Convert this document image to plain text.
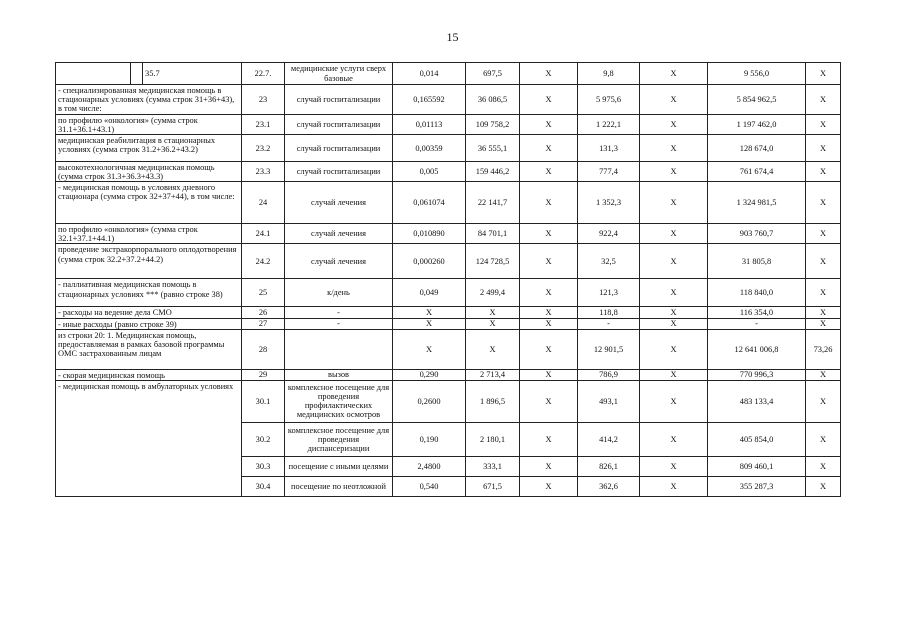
15
		35.7	22.7.	медицинские услуги сверх базовые	0,014	697,5	Х	9,8	Х	9 556,0	Х
- специализированная медицинская помощь в стационарных условиях (сумма строк 31+36+43), в том числе:			23	случай госпитализации	0,165592	36 086,5	Х	5 975,6	Х	5 854 962,5	Х
по профилю «онкология» (сумма строк 31.1+36.1+43.1)			23.1	случай госпитализации	0,01113	109 758,2	Х	1 222,1	Х	1 197 462,0	Х
медицинская реабилитация в стационарных условиях (сумма строк 31.2+36.2+43.2)			23.2	случай госпитализации	0,00359	36 555,1	Х	131,3	Х	128 674,0	Х
высокотехнологичная медицинская помощь (сумма строк 31.3+36.3+43.3)			23.3	случай госпитализации	0,005	159 446,2	Х	777,4	Х	761 674,4	Х
- медицинская помощь в условиях дневного стационара (сумма строк 32+37+44), в том числе:			24	случай лечения	0,061074	22 141,7	Х	1 352,3	Х	1 324 981,5	Х
по профилю «онкология» (сумма строк 32.1+37.1+44.1)			24.1	случай лечения	0,010890	84 701,1	Х	922,4	Х	903 760,7	Х
проведение экстракорпорального оплодотворения (сумма строк 32.2+37.2+44.2)			24.2	случай лечения	0,000260	124 728,5	Х	32,5	Х	31 805,8	Х
- паллиативная медицинская помощь в стационарных условиях *** (равно строке 38)			25	к/день	0,049	2 499,4	Х	121,3	Х	118 840,0	Х
- расходы на ведение дела СМО			26	-	Х	Х	Х	118,8	Х	116 354,0	Х
- иные расходы (равно строке 39)			27	-	Х	Х	Х	-	Х	-	Х
из строки 20: 1. Медицинская помощь, предоставляемая в рамках базовой программы ОМС застрахованным лицам			28		Х	Х	Х	12 901,5	Х	12 641 006,8	73,26
- скорая медицинская помощь			29	вызов	0,290	2 713,4	Х	786,9	Х	770 996,3	Х
- медицинская помощь в амбулаторных условиях			30.1	комплексное посещение для проведения профилактических медицинских осмотров	0,2600	1 896,5	Х	493,1	Х	483 133,4	Х
			30.2	комплексное посещение для проведения диспансеризации	0,190	2 180,1	Х	414,2	Х	405 854,0	Х
			30.3	посещение с иными целями	2,4800	333,1	Х	826,1	Х	809 460,1	Х
			30.4	посещение по неотложной	0,540	671,5	Х	362,6	Х	355 287,3	Х
